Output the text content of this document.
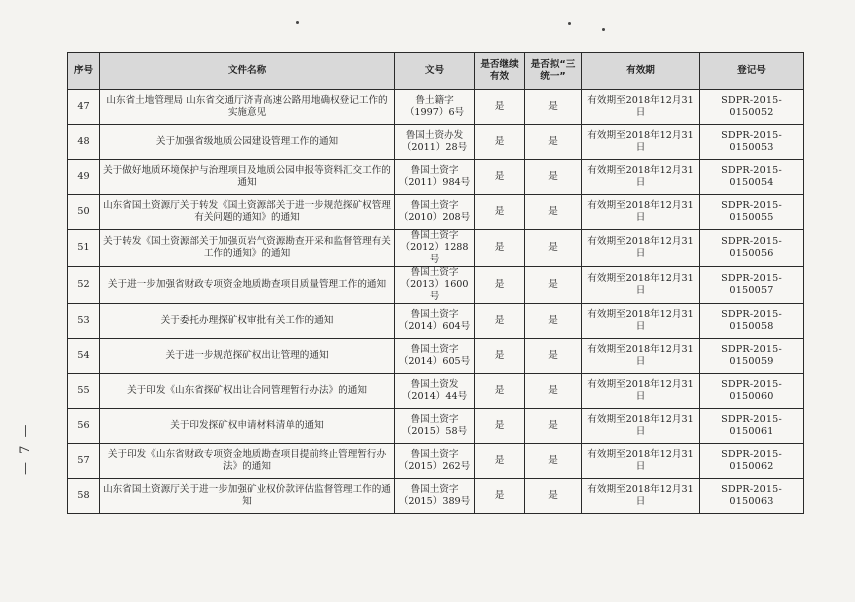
— 7 —
序号	文件名称	文号	是否继续有效	是否拟“三统一”	有效期	登记号
47	山东省土地管理局 山东省交通厅济青高速公路用地确权登记工作的实施意见	鲁土籍字（1997）6号	是	是	有效期至2018年12月31日	SDPR-2015-0150052
48	关于加强省级地质公园建设管理工作的通知	鲁国土资办发（2011）28号	是	是	有效期至2018年12月31日	SDPR-2015-0150053
49	关于做好地质环境保护与治理项目及地质公园申报等资料汇交工作的通知	鲁国土资字（2011）984号	是	是	有效期至2018年12月31日	SDPR-2015-0150054
50	山东省国土资源厅关于转发《国土资源部关于进一步规范探矿权管理有关问题的通知》的通知	鲁国土资字（2010）208号	是	是	有效期至2018年12月31日	SDPR-2015-0150055
51	关于转发《国土资源部关于加强页岩气资源勘查开采和监督管理有关工作的通知》的通知	鲁国土资字（2012）1288号	是	是	有效期至2018年12月31日	SDPR-2015-0150056
52	关于进一步加强省财政专项资金地质勘查项目质量管理工作的通知	鲁国土资字（2013）1600号	是	是	有效期至2018年12月31日	SDPR-2015-0150057
53	关于委托办理探矿权审批有关工作的通知	鲁国土资字（2014）604号	是	是	有效期至2018年12月31日	SDPR-2015-0150058
54	关于进一步规范探矿权出让管理的通知	鲁国土资字（2014）605号	是	是	有效期至2018年12月31日	SDPR-2015-0150059
55	关于印发《山东省探矿权出让合同管理暂行办法》的通知	鲁国土资发（2014）44号	是	是	有效期至2018年12月31日	SDPR-2015-0150060
56	关于印发探矿权申请材料清单的通知	鲁国土资字（2015）58号	是	是	有效期至2018年12月31日	SDPR-2015-0150061
57	关于印发《山东省财政专项资金地质勘查项目提前终止管理暂行办法》的通知	鲁国土资字（2015）262号	是	是	有效期至2018年12月31日	SDPR-2015-0150062
58	山东省国土资源厅关于进一步加强矿业权价款评估监督管理工作的通知	鲁国土资字（2015）389号	是	是	有效期至2018年12月31日	SDPR-2015-0150063
